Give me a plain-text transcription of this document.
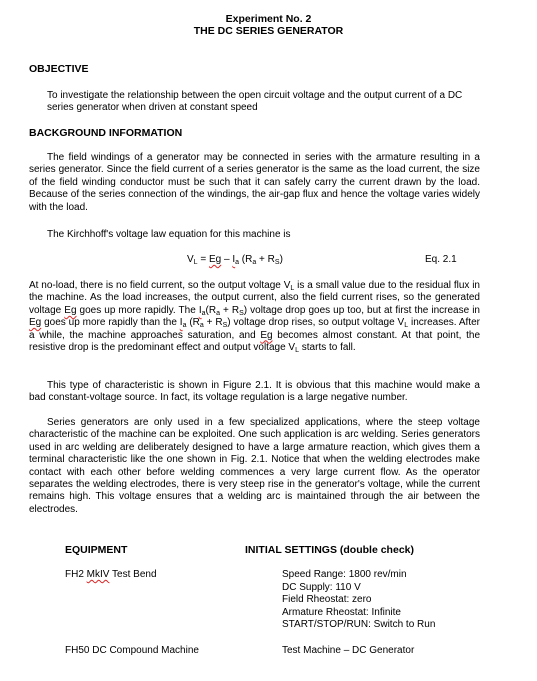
Experiment No. 2
THE DC SERIES GENERATOR
OBJECTIVE

To investigate the relationship between the open circuit voltage and the output current of a DC series generator when driven at constant speed

BACKGROUND INFORMATION

The field windings of a generator may be connected in series with the armature resulting in a series generator. Since the field current of a series generator is the same as the load current, the size of the field winding conductor must be such that it can safely carry the current drawn by the load. Because of the series connection of the windings, the air-gap flux and hence the voltage varies widely with the load.

The Kirchhoff's voltage law equation for this machine is
$V_L = Eg - I_a$ $(R_a + R_S)$	Eq. 2.1

At no-load, there is no field current, so the output voltage $V_L$ is a small value due to the residual flux in the machine. As the load increases, the output current, also the field current rises, so the generated voltage Eg goes up more rapidly. The $I_a(R_a + R_S)$ voltage drop goes up too, but at first the increase in Eg goes up more rapidly than the $I_a$ $(R_a + R_S)$ voltage drop rises, so output voltage $V_L$ increases. After a while, the machine approaches saturation, and Eg becomes almost constant. At that point, the resistive drop is the predominant effect and output voltage $V_L$ starts to fall.

This type of characteristic is shown in Figure 2.1. It is obvious that this machine would make a bad constant-voltage source. In fact, its voltage regulation is a large negative number.

Series generators are only used in a few specialized applications, where the steep voltage characteristic of the machine can be exploited. One such application is arc welding. Series generators used in arc welding are deliberately designed to have a large armature reaction, which gives them a terminal characteristic like the one shown in Fig. 2.1. Notice that when the welding electrodes make contact with each other before welding commences a very large current flow. As the operator separates the welding electrodes, there is very steep rise in the generator's voltage, while the current remains high. This voltage ensures that a welding arc is maintained through the air between the electrodes.

EQUIPMENT	INITIAL SETTINGS (double check)
FH2 MkIV Test Bend	Speed Range: 1800 rev/min
DC Supply: 110 V
Field Rheostat: zero
Armature Rheostat: Infinite
START/STOP/RUN: Switch to Run
FH50 DC Compound Machine	Test Machine – DC Generator
